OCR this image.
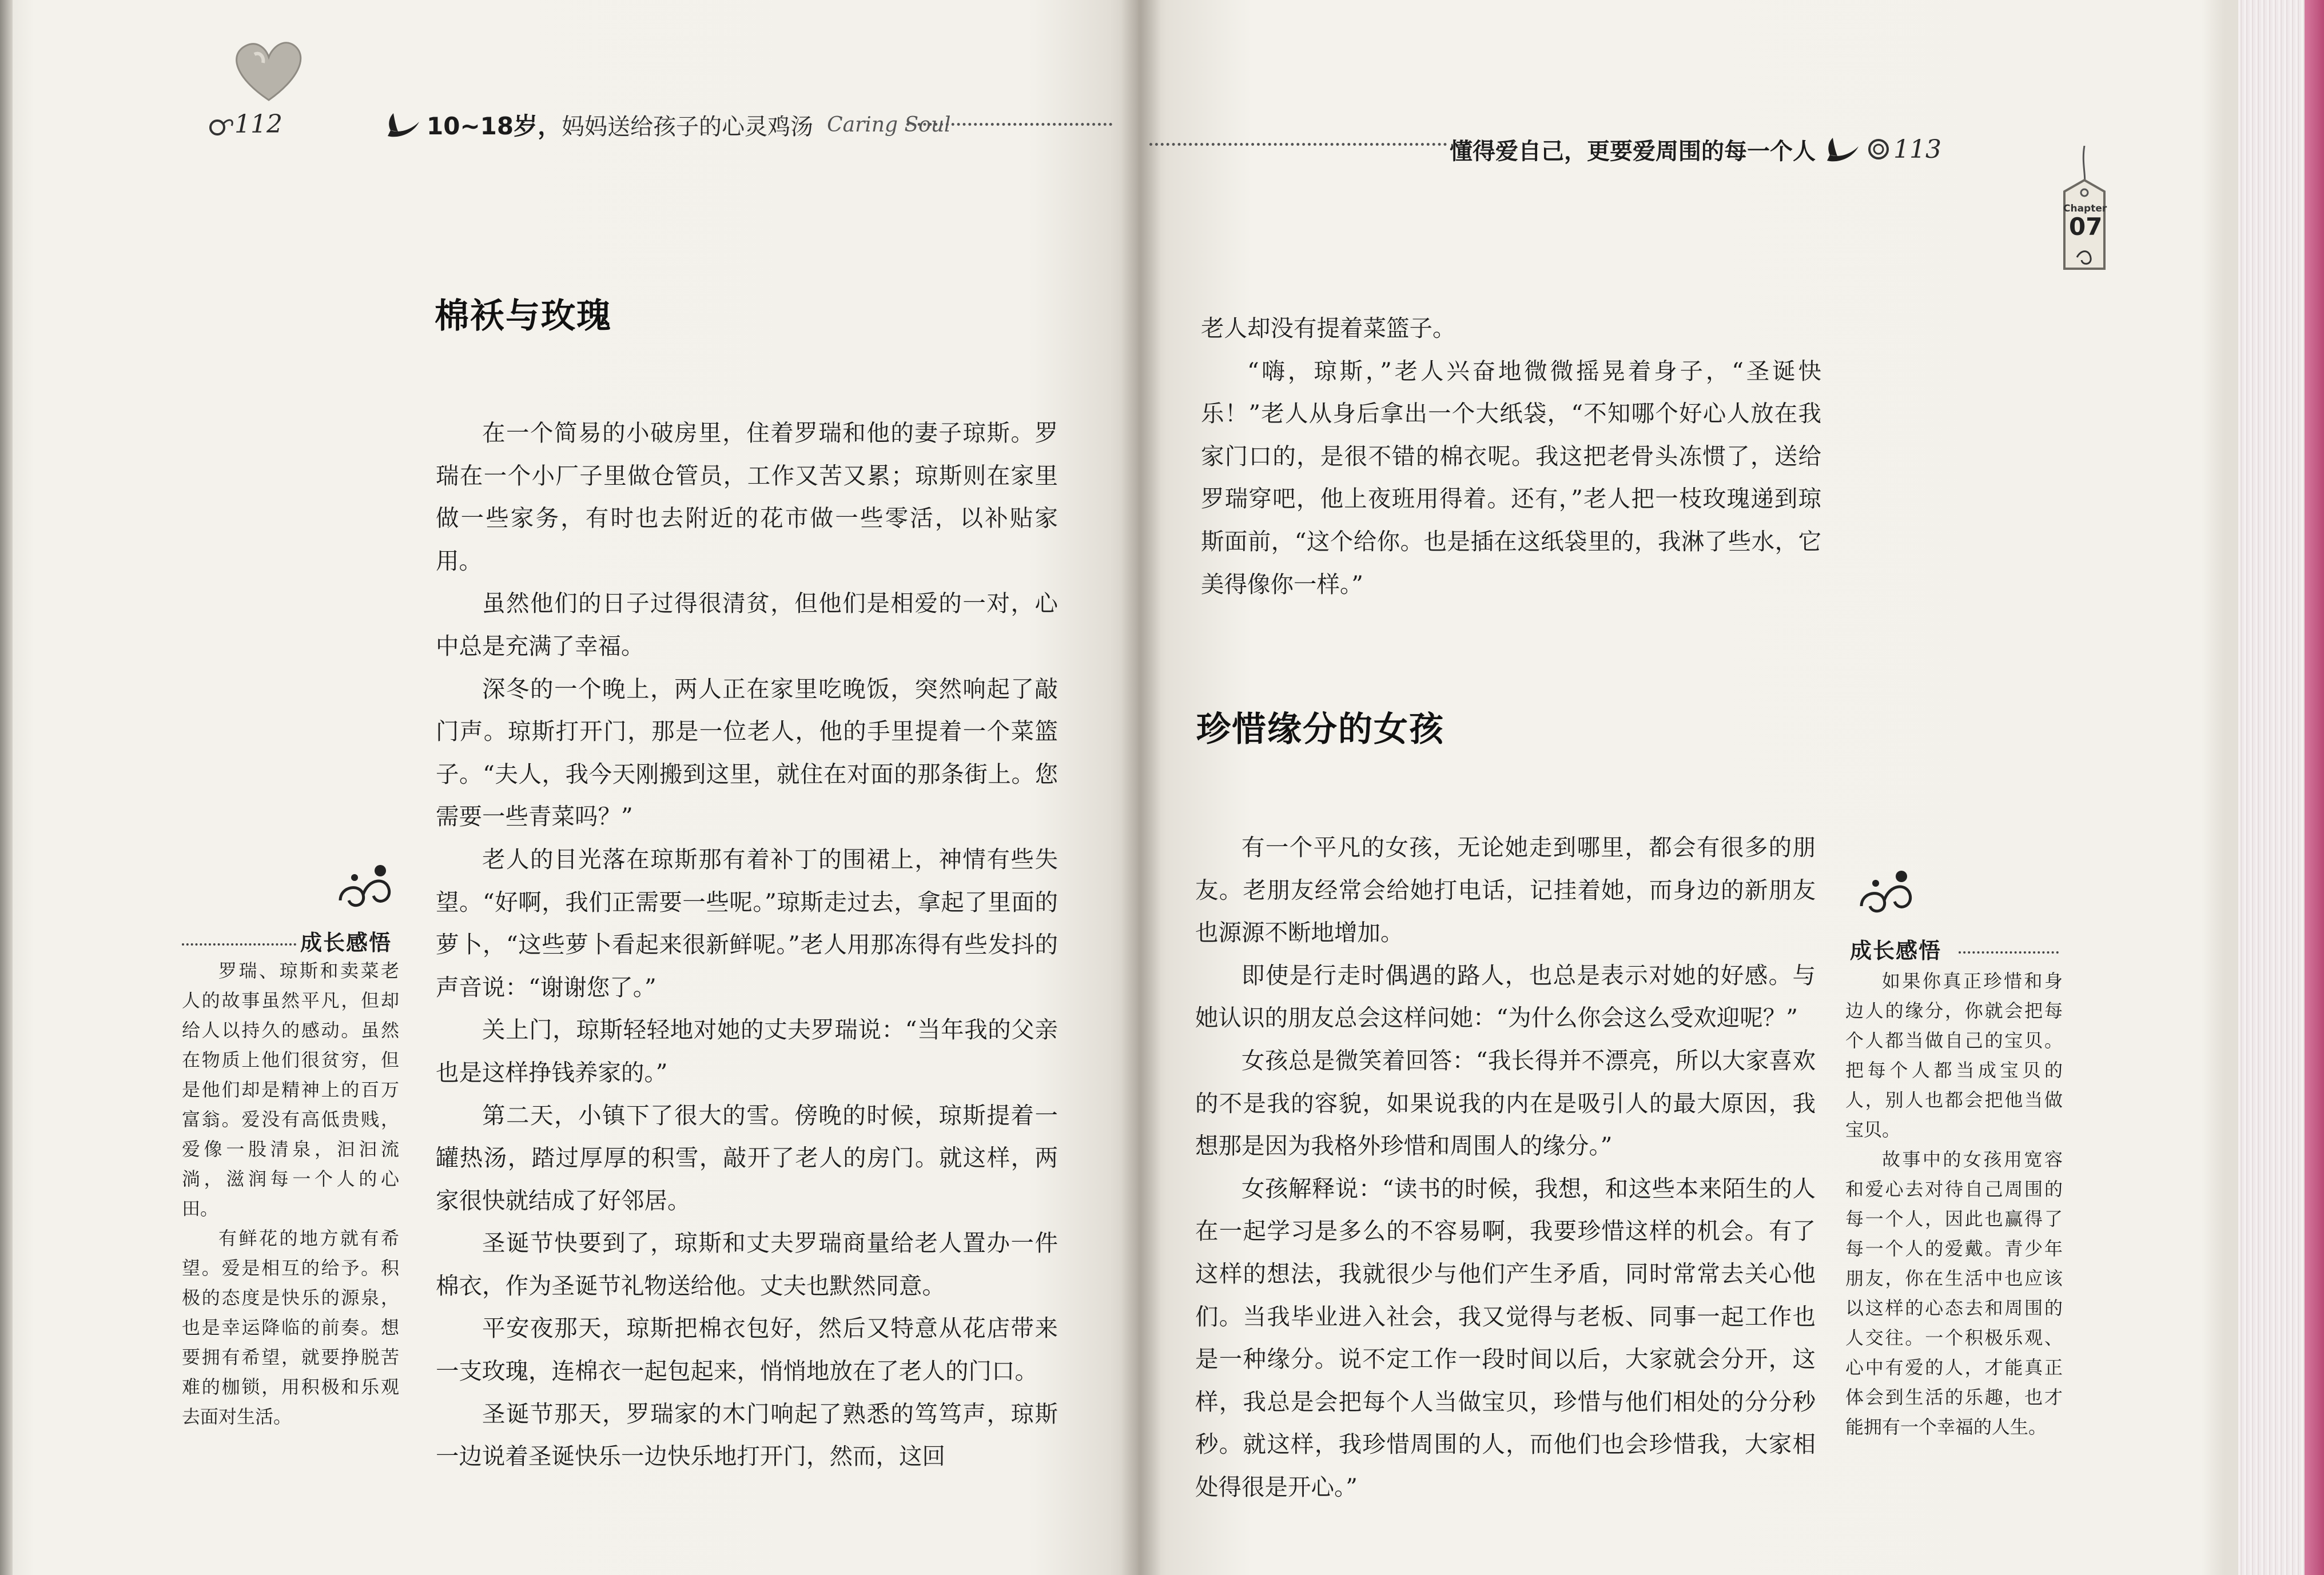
112	10~18岁， 妈妈送给孩子的心灵鸡汤 Caring Soul
棉袄与玫瑰

在一个简易的小破房里，住着罗瑞和他的妻子琼斯。罗瑞在一个小厂子里做仓管员，工作又苦又累；琼斯则在家里做一些家务，有时也去附近的花市做一些零活，以补贴家用。

虽然他们的日子过得很清贫，但他们是相爱的一对，心中总是充满了幸福。

深冬的一个晚上，两人正在家里吃晚饭，突然响起了敲门声。琼斯打开门，那是一位老人，他的手里提着一个菜篮子。“夫人，我今天刚搬到这里，就住在对面的那条街上。您需要一些青菜吗？”

老人的目光落在琼斯那有着补丁的围裙上，神情有些失望。“好啊，我们正需要一些呢。”琼斯走过去，拿起了里面的萝卜，“这些萝卜看起来很新鲜呢。”老人用那冻得有些发抖的声音说：“谢谢您了。”

关上门，琼斯轻轻地对她的丈夫罗瑞说：“当年我的父亲也是这样挣钱养家的。”

第二天，小镇下了很大的雪。傍晚的时候，琼斯提着一罐热汤，踏过厚厚的积雪，敲开了老人的房门。就这样，两家很快就结成了好邻居。

圣诞节快要到了，琼斯和丈夫罗瑞商量给老人置办一件棉衣，作为圣诞节礼物送给他。丈夫也默然同意。

平安夜那天，琼斯把棉衣包好，然后又特意从花店带来一支玫瑰，连棉衣一起包起来，悄悄地放在了老人的门口。

圣诞节那天，罗瑞家的木门响起了熟悉的笃笃声，琼斯一边说着圣诞快乐一边快乐地打开门，然而，这回

成长感悟

罗瑞、琼斯和卖菜老人的故事虽然平凡，但却给人以持久的感动。虽然在物质上他们很贫穷，但是他们却是精神上的百万富翁。爱没有高低贵贱，爱像一股清泉，汩汩流淌，滋润每一个人的心田。

有鲜花的地方就有希望。爱是相互的给予。积极的态度是快乐的源泉，也是幸运降临的前奏。想要拥有希望，就要挣脱苦难的枷锁，用积极和乐观去面对生活。

懂得爱自己，更要爱周围的每一个人	113
Chapter
07

老人却没有提着菜篮子。

“嗨，琼斯，”老人兴奋地微微摇晃着身子，“圣诞快乐！”老人从身后拿出一个大纸袋，“不知哪个好心人放在我家门口的，是很不错的棉衣呢。我这把老骨头冻惯了，送给罗瑞穿吧，他上夜班用得着。还有，”老人把一枝玫瑰递到琼斯面前，“这个给你。也是插在这纸袋里的，我淋了些水，它美得像你一样。”

珍惜缘分的女孩

有一个平凡的女孩，无论她走到哪里，都会有很多的朋友。老朋友经常会给她打电话，记挂着她，而身边的新朋友也源源不断地增加。

即使是行走时偶遇的路人，也总是表示对她的好感。与她认识的朋友总会这样问她：“为什么你会这么受欢迎呢？”

女孩总是微笑着回答：“我长得并不漂亮，所以大家喜欢的不是我的容貌，如果说我的内在是吸引人的最大原因，我想那是因为我格外珍惜和周围人的缘分。”

女孩解释说：“读书的时候，我想，和这些本来陌生的人在一起学习是多么的不容易啊，我要珍惜这样的机会。有了这样的想法，我就很少与他们产生矛盾，同时常常去关心他们。当我毕业进入社会，我又觉得与老板、同事一起工作也是一种缘分。说不定工作一段时间以后，大家就会分开，这样，我总是会把每个人当做宝贝，珍惜与他们相处的分分秒秒。就这样，我珍惜周围的人，而他们也会珍惜我，大家相处得很是开心。”

成长感悟

如果你真正珍惜和身边人的缘分，你就会把每个人都当做自己的宝贝。把每个人都当成宝贝的人，别人也都会把他当做宝贝。

故事中的女孩用宽容和爱心去对待自己周围的每一个人，因此也赢得了每一个人的爱戴。青少年朋友，你在生活中也应该以这样的心态去和周围的人交往。一个积极乐观、心中有爱的人，才能真正体会到生活的乐趣，也才能拥有一个幸福的人生。
